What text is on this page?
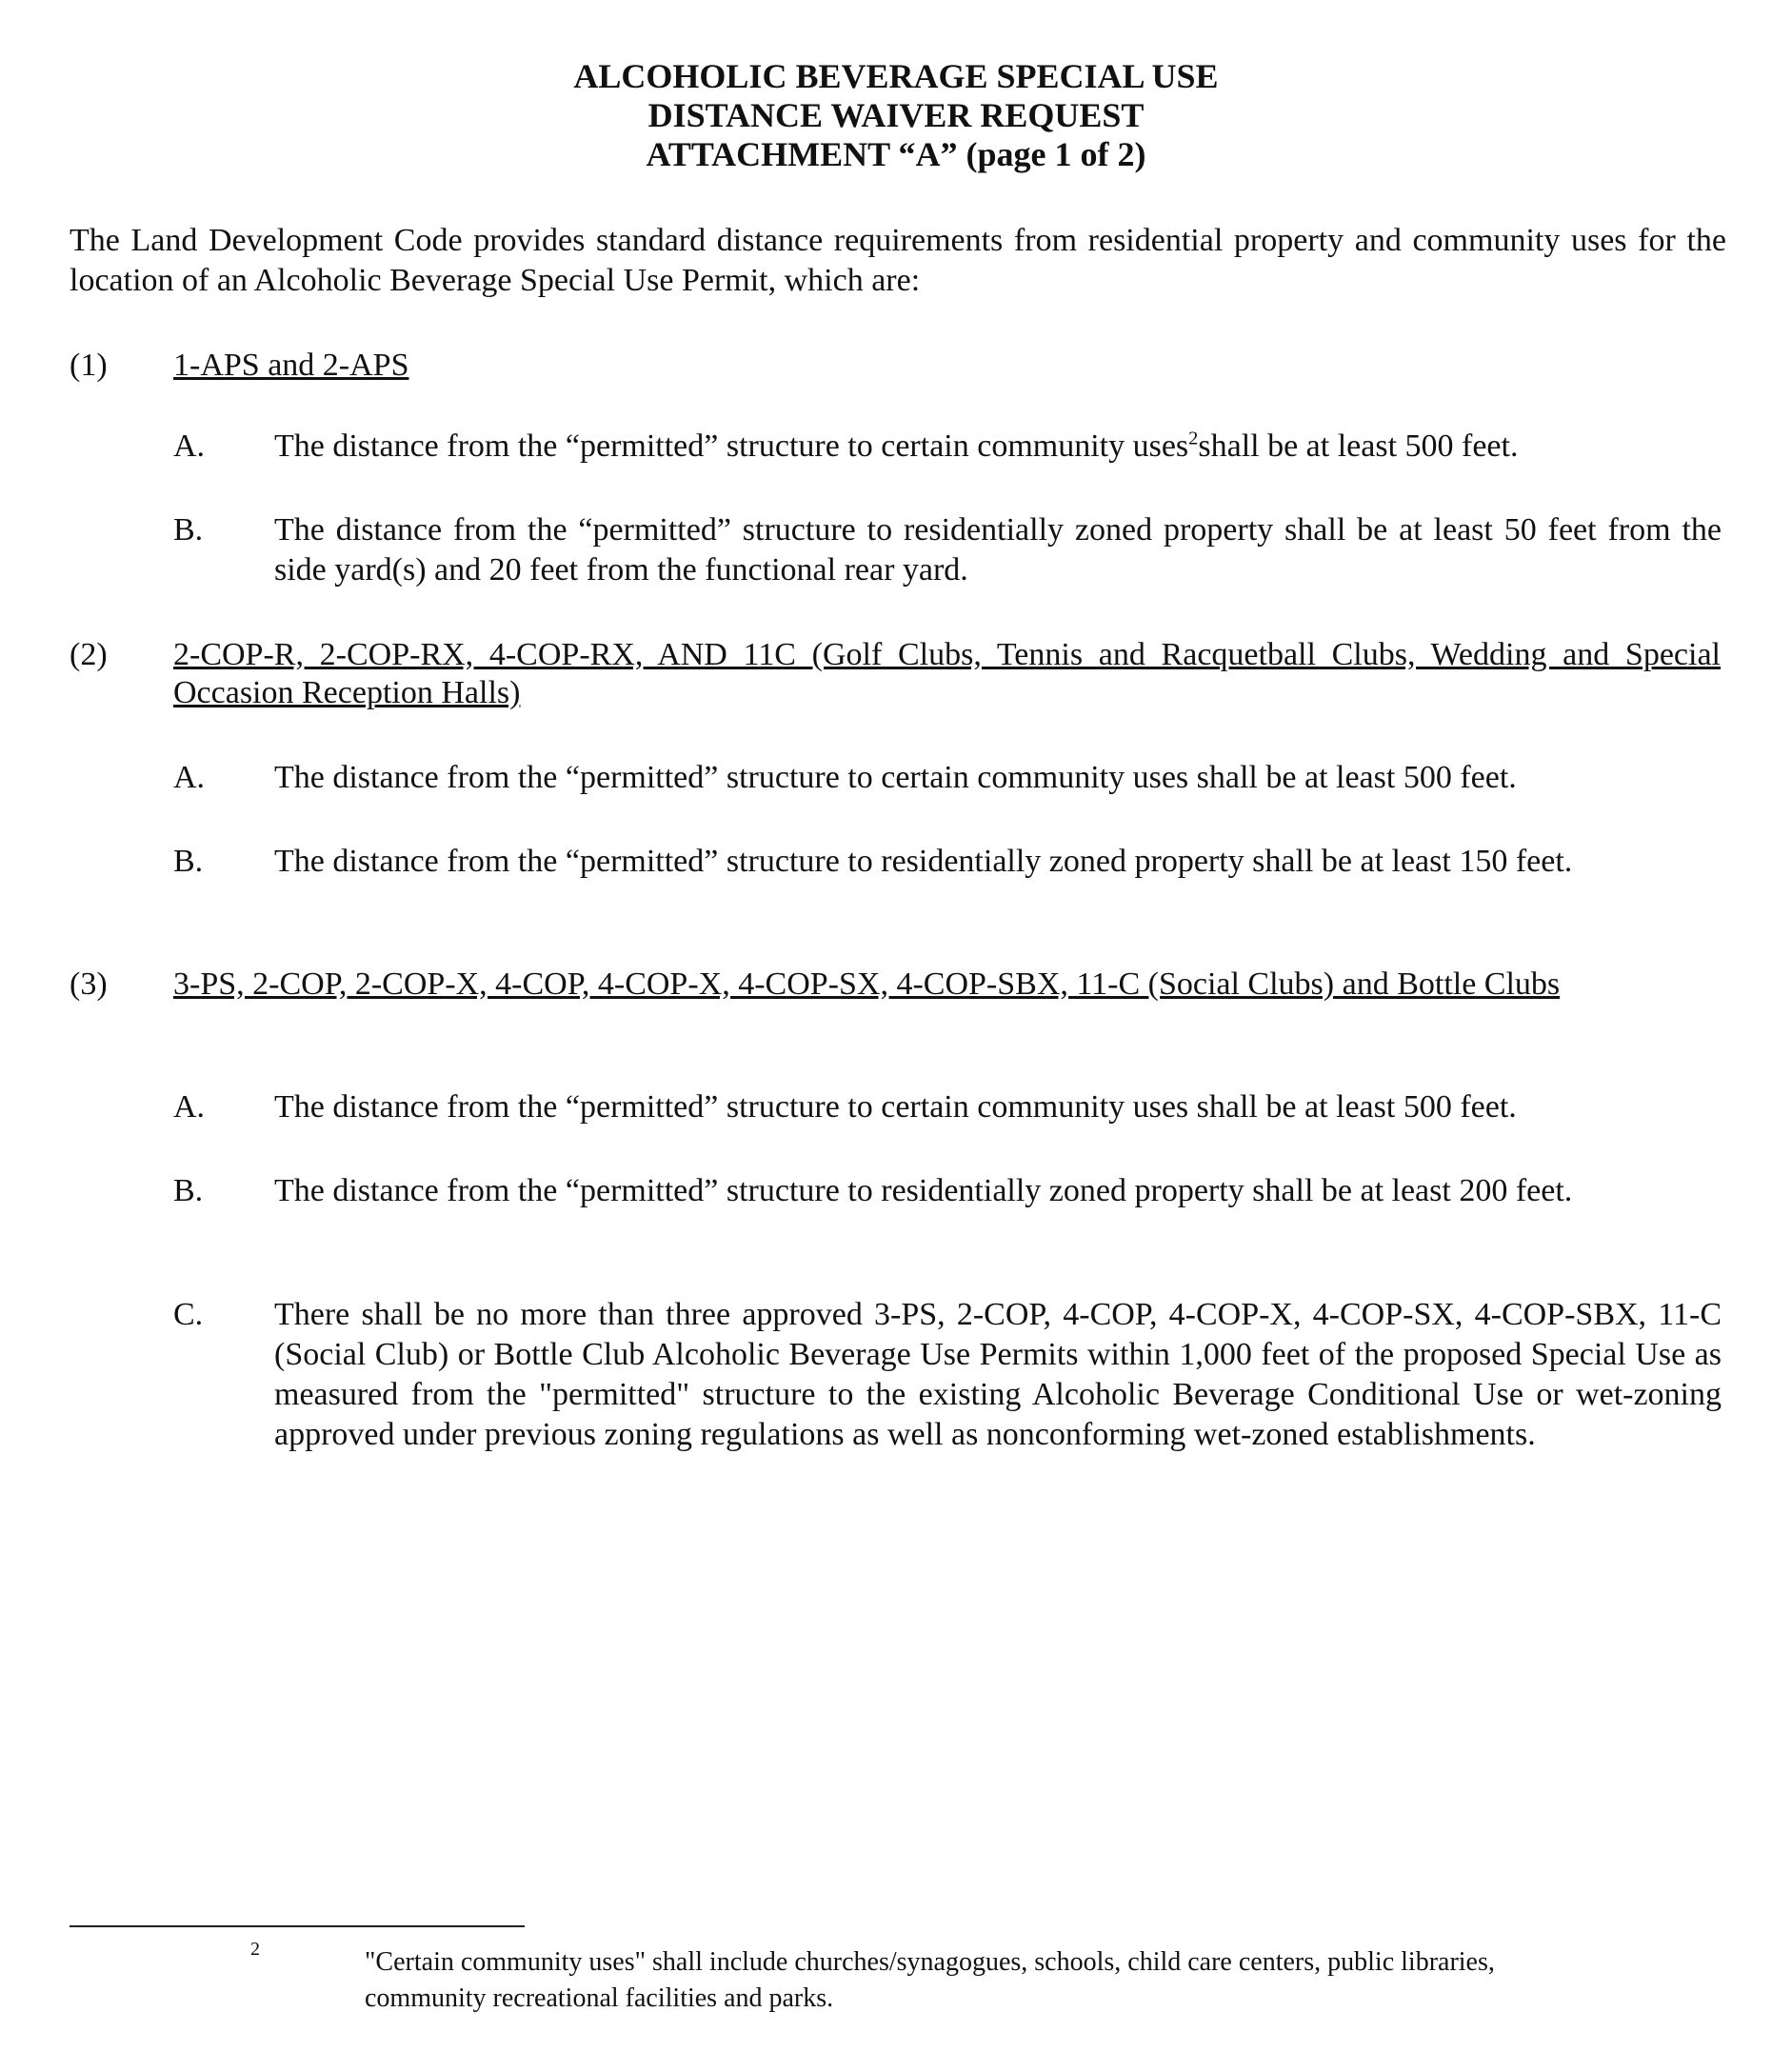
ALCOHOLIC BEVERAGE SPECIAL USE
DISTANCE WAIVER REQUEST
ATTACHMENT “A” (page 1 of 2)
The Land Development Code provides standard distance requirements from residential property and community uses for the location of an Alcoholic Beverage Special Use Permit, which are:
(1) 1-APS and 2-APS
A. The distance from the “permitted” structure to certain community uses$^2$shall be at least 500 feet.
B. The distance from the “permitted” structure to residentially zoned property shall be at least 50 feet from the side yard(s) and 20 feet from the functional rear yard.
(2) 2-COP-R, 2-COP-RX, 4-COP-RX, AND 11C (Golf Clubs, Tennis and Racquetball Clubs, Wedding and Special Occasion Reception Halls)
A. The distance from the “permitted” structure to certain community uses shall be at least 500 feet.
B. The distance from the “permitted” structure to residentially zoned property shall be at least 150 feet.
(3) 3-PS, 2-COP, 2-COP-X, 4-COP, 4-COP-X, 4-COP-SX, 4-COP-SBX, 11-C (Social Clubs) and Bottle Clubs
A. The distance from the “permitted” structure to certain community uses shall be at least 500 feet.
B. The distance from the “permitted” structure to residentially zoned property shall be at least 200 feet.
C. There shall be no more than three approved 3-PS, 2-COP, 4-COP, 4-COP-X, 4-COP-SX, 4-COP-SBX, 11-C (Social Club) or Bottle Club Alcoholic Beverage Use Permits within 1,000 feet of the proposed Special Use as measured from the "permitted" structure to the existing Alcoholic Beverage Conditional Use or wet-zoning approved under previous zoning regulations as well as nonconforming wet-zoned establishments.
2	"Certain community uses" shall include churches/synagogues, schools, child care centers, public libraries, community recreational facilities and parks.
